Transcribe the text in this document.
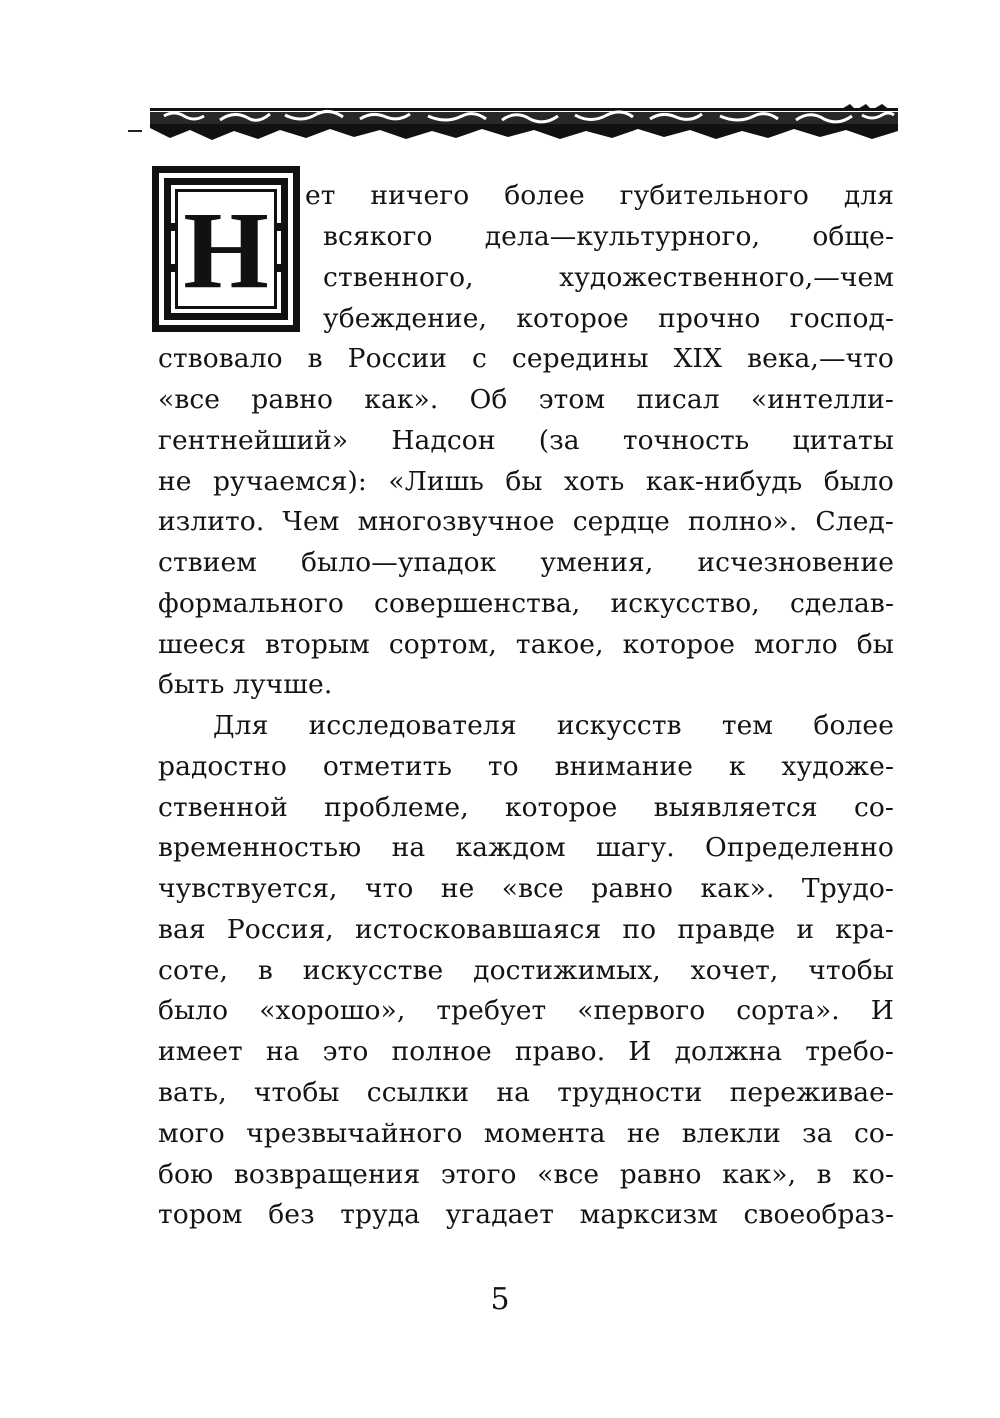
Н ет ничего более губительного для
всякого дела—культурного, обще-
ственного, художественного,—чем
убеждение, которое прочно господ-
ствовало в России с середины XIX века,—что
«все равно как». Об этом писал «интелли-
гентнейший» Надсон (за точность цитаты
не ручаемся): «Лишь бы хоть как-нибудь было
излито. Чем многозвучное сердце полно». След-
ствием было—упадок умения, исчезновение
формального совершенства, искусство, сделав-
шееся вторым сортом, такое, которое могло бы
быть лучше.
Для исследователя искусств тем более
радостно отметить то внимание к художе-
ственной проблеме, которое выявляется со-
временностью на каждом шагу. Определенно
чувствуется, что не «все равно как». Трудо-
вая Россия, истосковавшаяся по правде и кра-
соте, в искусстве достижимых, хочет, чтобы
было «хорошо», требует «первого сорта». И
имеет на это полное право. И должна требо-
вать, чтобы ссылки на трудности переживае-
мого чрезвычайного момента не влекли за со-
бою возвращения этого «все равно как», в ко-
тором без труда угадает марксизм своеобраз-
5
